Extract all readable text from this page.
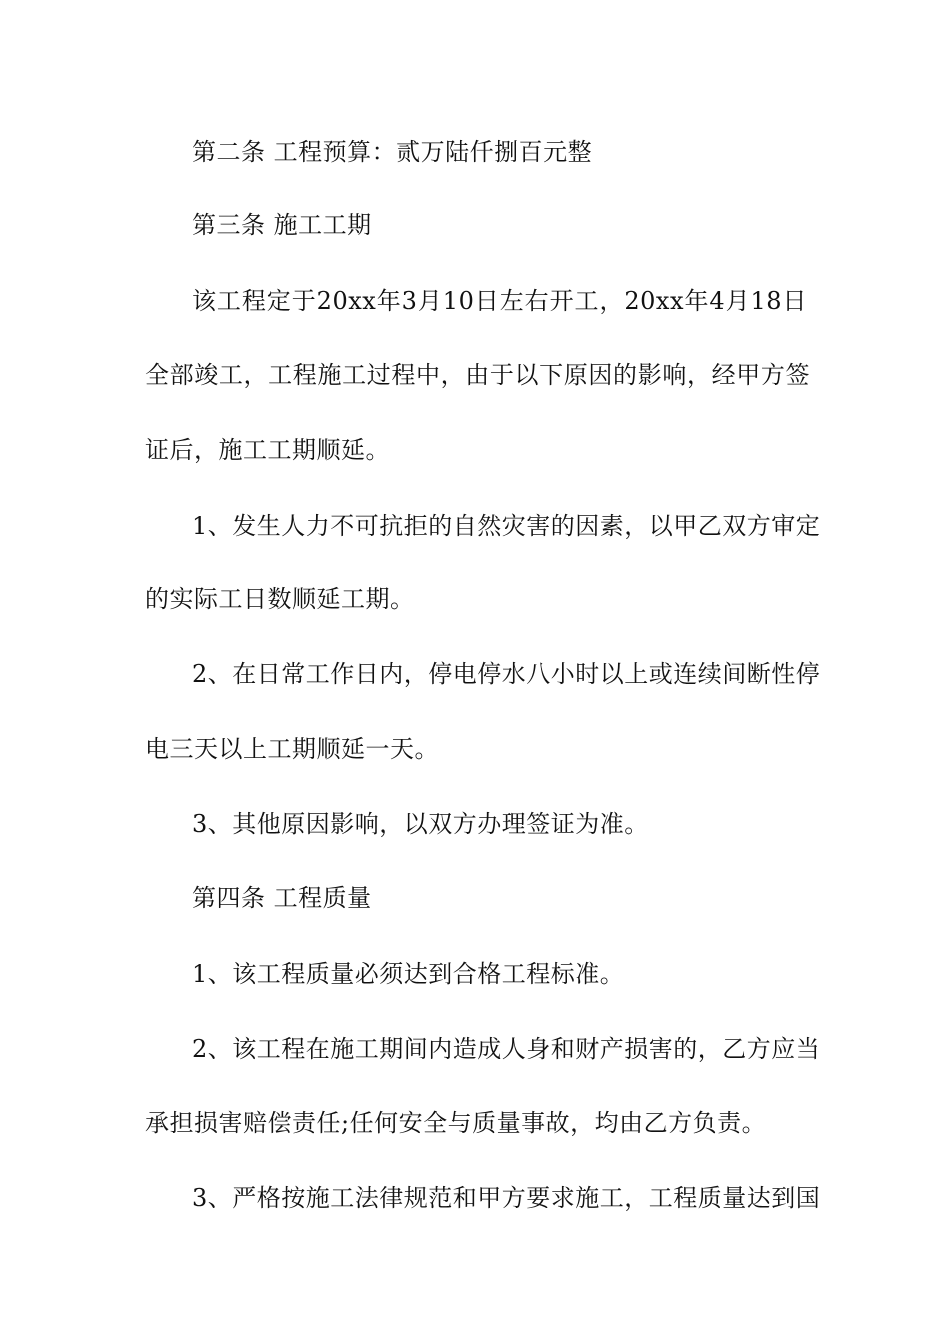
第二条 工程预算：贰万陆仟捌百元整
第三条 施工工期
该工程定于20xx年3月10日左右开工，20xx年4月18日
全部竣工，工程施工过程中，由于以下原因的影响，经甲方签
证后，施工工期顺延。
1、发生人力不可抗拒的自然灾害的因素，以甲乙双方审定
的实际工日数顺延工期。
2、在日常工作日内，停电停水八小时以上或连续间断性停
电三天以上工期顺延一天。
3、其他原因影响，以双方办理签证为准。
第四条 工程质量
1、该工程质量必须达到合格工程标准。
2、该工程在施工期间内造成人身和财产损害的，乙方应当
承担损害赔偿责任;任何安全与质量事故，均由乙方负责。
3、严格按施工法律规范和甲方要求施工，工程质量达到国
